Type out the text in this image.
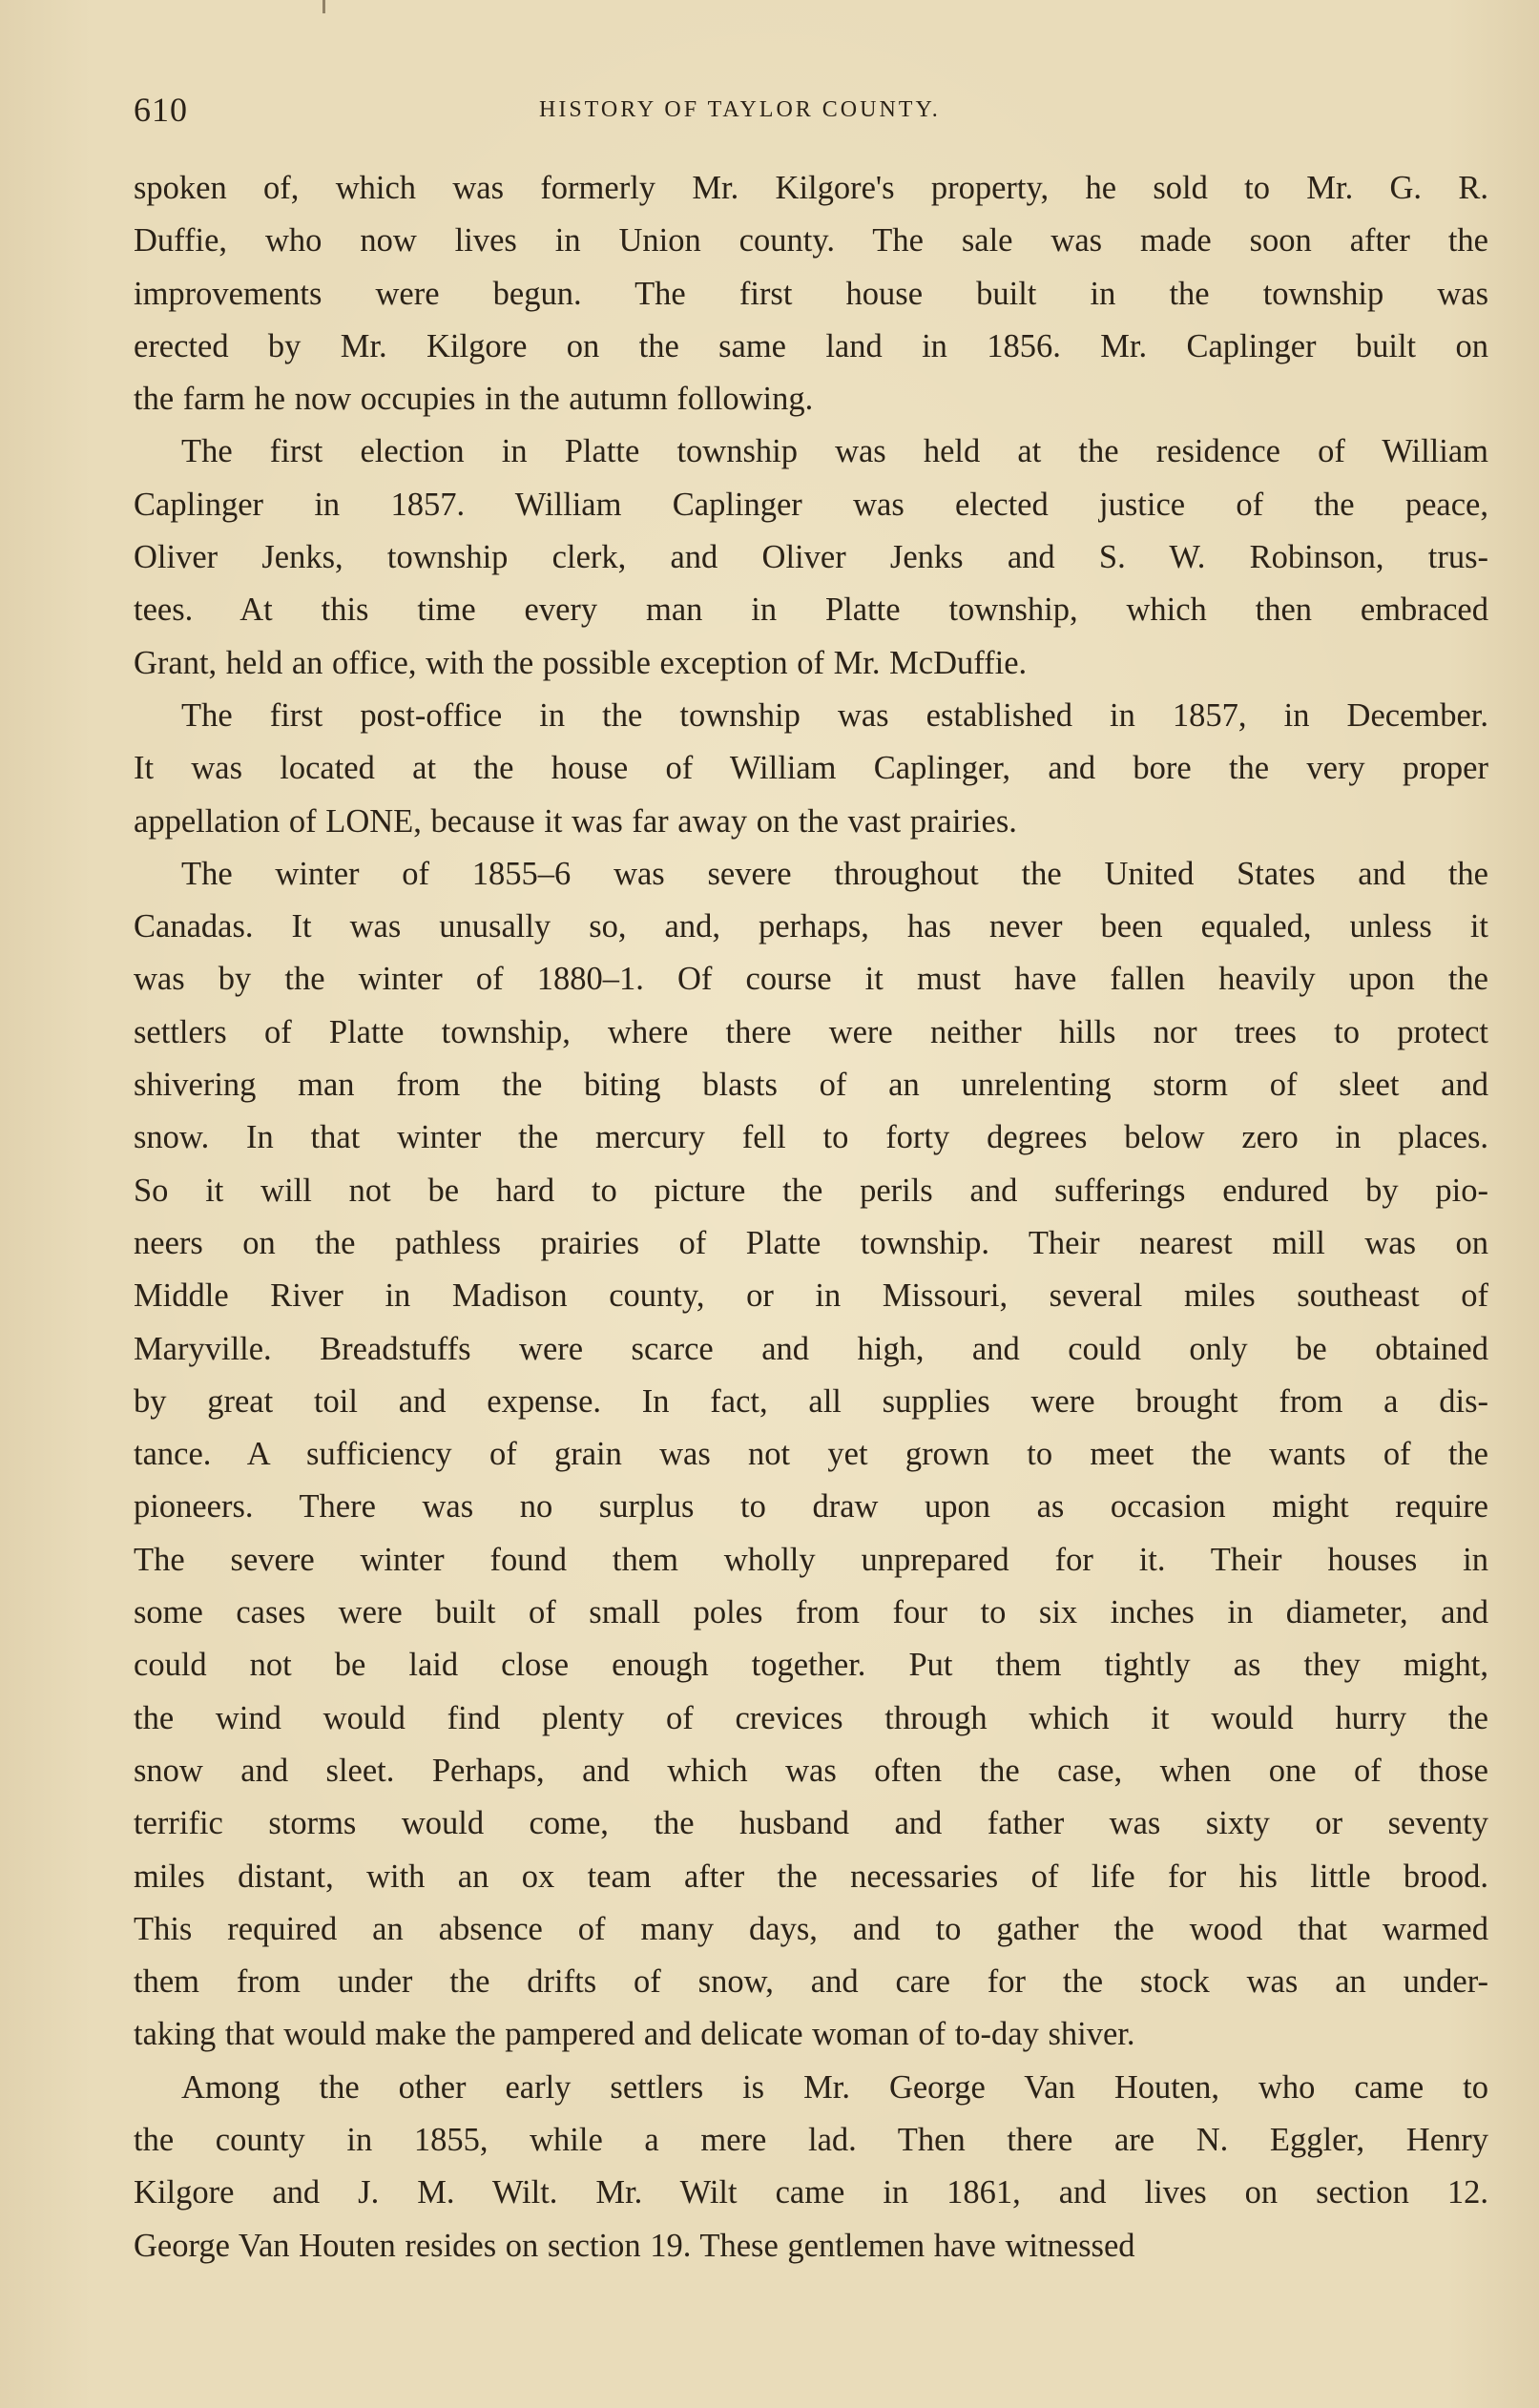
610	HISTORY OF TAYLOR COUNTY.
spoken of, which was formerly Mr. Kilgore's property, he sold to Mr. G. R.
Duffie, who now lives in Union county. The sale was made soon after the
improvements were begun. The first house built in the township was
erected by Mr. Kilgore on the same land in 1856. Mr. Caplinger built on
the farm he now occupies in the autumn following.
The first election in Platte township was held at the residence of William
Caplinger in 1857. William Caplinger was elected justice of the peace,
Oliver Jenks, township clerk, and Oliver Jenks and S. W. Robinson, trus-
tees. At this time every man in Platte township, which then embraced
Grant, held an office, with the possible exception of Mr. McDuffie.
The first post-office in the township was established in 1857, in December.
It was located at the house of William Caplinger, and bore the very proper
appellation of LONE, because it was far away on the vast prairies.
The winter of 1855–6 was severe throughout the United States and the
Canadas. It was unusally so, and, perhaps, has never been equaled, unless it
was by the winter of 1880–1. Of course it must have fallen heavily upon the
settlers of Platte township, where there were neither hills nor trees to protect
shivering man from the biting blasts of an unrelenting storm of sleet and
snow. In that winter the mercury fell to forty degrees below zero in places.
So it will not be hard to picture the perils and sufferings endured by pio-
neers on the pathless prairies of Platte township. Their nearest mill was on
Middle River in Madison county, or in Missouri, several miles southeast of
Maryville. Breadstuffs were scarce and high, and could only be obtained
by great toil and expense. In fact, all supplies were brought from a dis-
tance. A sufficiency of grain was not yet grown to meet the wants of the
pioneers. There was no surplus to draw upon as occasion might require
The severe winter found them wholly unprepared for it. Their houses in
some cases were built of small poles from four to six inches in diameter, and
could not be laid close enough together. Put them tightly as they might,
the wind would find plenty of crevices through which it would hurry the
snow and sleet. Perhaps, and which was often the case, when one of those
terrific storms would come, the husband and father was sixty or seventy
miles distant, with an ox team after the necessaries of life for his little brood.
This required an absence of many days, and to gather the wood that warmed
them from under the drifts of snow, and care for the stock was an under-
taking that would make the pampered and delicate woman of to-day shiver.
Among the other early settlers is Mr. George Van Houten, who came to
the county in 1855, while a mere lad. Then there are N. Eggler, Henry
Kilgore and J. M. Wilt. Mr. Wilt came in 1861, and lives on section 12.
George Van Houten resides on section 19. These gentlemen have witnessed
